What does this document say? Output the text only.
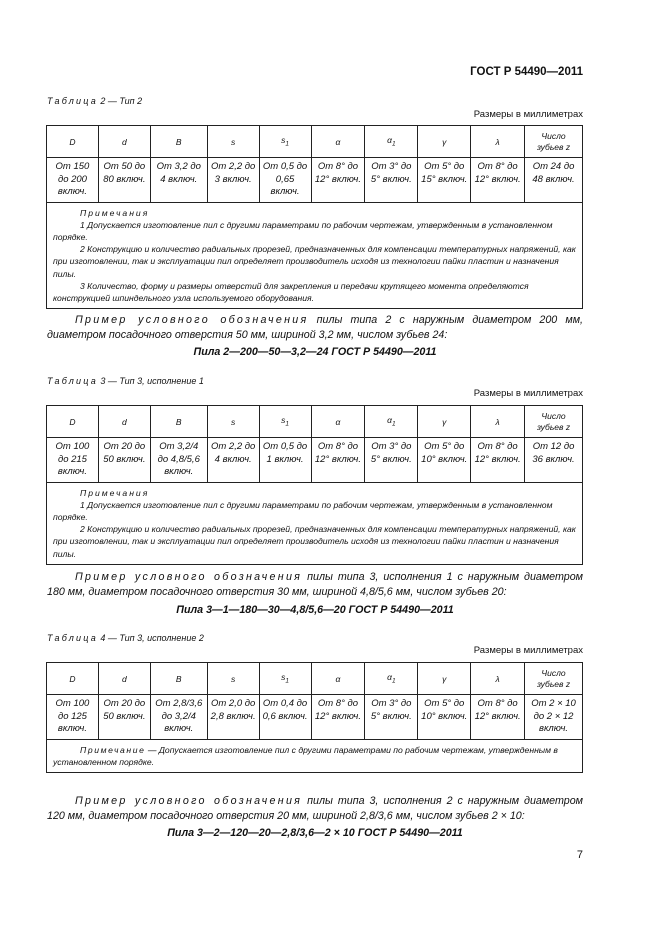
ГОСТ Р 54490—2011
Таблица 2 — Тип 2
Размеры в миллиметрах
D	d	B	s	$s_1$	α	$\alpha_1$	γ	λ	Число зубьев z
От 150 до 200 включ.	От 50 до 80 включ.	От 3,2 до 4 включ.	От 2,2 до 3 включ.	От 0,5 до 0,65 включ.	От 8° до 12° включ.	От 3° до 5° включ.	От 5° до 15° включ.	От 8° до 12° включ.	От 24 до 48 включ.

Примечания
1 Допускается изготовление пил с другими параметрами по рабочим чертежам, утвержденным в установленном порядке.
2 Конструкцию и количество радиальных прорезей, предназначенных для компенсации температурных напряжений, как при изготовлении, так и эксплуатации пил определяет производитель исходя из технологии пайки пластин и назначения пилы.
3 Количество, форму и размеры отверстий для закрепления и передачи крутящего момента определяются конструкцией шпиндельного узла используемого оборудования.									
Пример условного обозначения пилы типа 2 с наружным диаметром 200 мм, диаметром посадочного отверстия 50 мм, шириной 3,2 мм, числом зубьев 24:
Пила 2—200—50—3,2—24 ГОСТ Р 54490—2011
Таблица 3 — Тип 3, исполнение 1
Размеры в миллиметрах
D	d	B	s	$s_1$	α	$\alpha_1$	γ	λ	Число зубьев z
От 100 до 215 включ.	От 20 до 50 включ.	От 3,2/4 до 4,8/5,6 включ.	От 2,2 до 4 включ.	От 0,5 до 1 включ.	От 8° до 12° включ.	От 3° до 5° включ.	От 5° до 10° включ.	От 8° до 12° включ.	От 12 до 36 включ.

Примечания
1 Допускается изготовление пил с другими параметрами по рабочим чертежам, утвержденным в установленном порядке.
2 Конструкцию и количество радиальных прорезей, предназначенных для компенсации температурных напряжений, как при изготовлении, так и эксплуатации пил определяет производитель исходя из технологии пайки пластин и назначения пилы.									
Пример условного обозначения пилы типа 3, исполнения 1 с наружным диаметром 180 мм, диаметром посадочного отверстия 30 мм, шириной 4,8/5,6 мм, числом зубьев 20:
Пила 3—1—180—30—4,8/5,6—20 ГОСТ Р 54490—2011
Таблица 4 — Тип 3, исполнение 2
Размеры в миллиметрах
D	d	B	s	$s_1$	α	$\alpha_1$	γ	λ	Число зубьев z
От 100 до 125 включ.	От 20 до 50 включ.	От 2,8/3,6 до 3,2/4 включ.	От 2,0 до 2,8 включ.	От 0,4 до 0,6 включ.	От 8° до 12° включ.	От 3° до 5° включ.	От 5° до 10° включ.	От 8° до 12° включ.	От 2 × 10 до 2 × 12 включ.

Примечание — Допускается изготовление пил с другими параметрами по рабочим чертежам, утвержденным в установленном порядке.									
Пример условного обозначения пилы типа 3, исполнения 2 с наружным диаметром 120 мм, диаметром посадочного отверстия 20 мм, шириной 2,8/3,6 мм, числом зубьев 2 × 10:
Пила 3—2—120—20—2,8/3,6—2 × 10 ГОСТ Р 54490—2011
7
